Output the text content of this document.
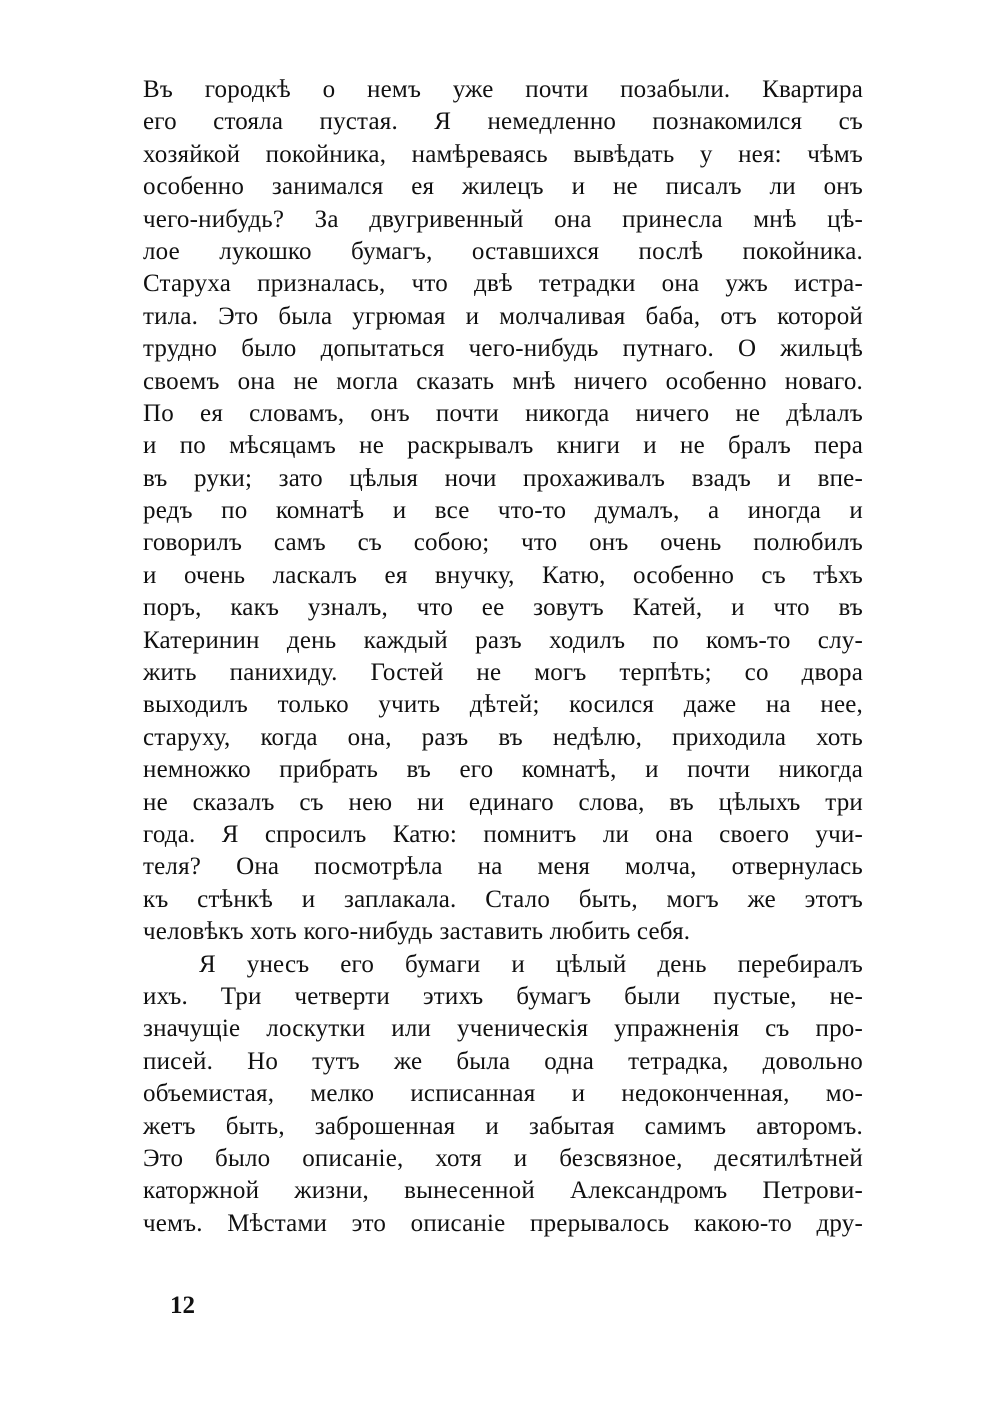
Въ городкѣ о немъ уже почти позабыли. Квартира
его стояла пустая. Я немедленно познакомился съ
хозяйкой покойника, намѣреваясь вывѣдать у нея: чѣмъ
особенно занимался ея жилецъ и не писалъ ли онъ
чего-нибудь? За двугривенный она принесла мнѣ цѣ-
лое лукошко бумагъ, оставшихся послѣ покойника.
Старуха призналась, что двѣ тетрадки она ужъ истра-
тила. Это была угрюмая и молчаливая баба, отъ которой
трудно было допытаться чего-нибудь путнаго. О жильцѣ
своемъ она не могла сказать мнѣ ничего особенно новаго.
По ея словамъ, онъ почти никогда ничего не дѣлалъ
и по мѣсяцамъ не раскрывалъ книги и не бралъ пера
въ руки; зато цѣлыя ночи прохаживалъ взадъ и впе-
редъ по комнатѣ и все что-то думалъ, а иногда и
говорилъ самъ съ собою; что онъ очень полюбилъ
и очень ласкалъ ея внучку, Катю, особенно съ тѣхъ
поръ, какъ узналъ, что ее зовутъ Катей, и что въ
Катеринин день каждый разъ ходилъ по комъ-то слу-
жить панихиду. Гостей не могъ терпѣть; со двора
выходилъ только учить дѣтей; косился даже на нее,
старуху, когда она, разъ въ недѣлю, приходила хоть
немножко прибрать въ его комнатѣ, и почти никогда
не сказалъ съ нею ни единаго слова, въ цѣлыхъ три
года. Я спросилъ Катю: помнитъ ли она своего учи-
теля? Она посмотрѣла на меня молча, отвернулась
къ стѣнкѣ и заплакала. Стало быть, могъ же этотъ
человѣкъ хоть кого-нибудь заставить любить себя.
Я унесъ его бумаги и цѣлый день перебиралъ
ихъ. Три четверти этихъ бумагъ были пустые, не-
значущіе лоскутки или ученическія упражненія съ про-
писей. Но тутъ же была одна тетрадка, довольно
объемистая, мелко исписанная и недоконченная, мо-
жетъ быть, заброшенная и забытая самимъ авторомъ.
Это было описаніе, хотя и безсвязное, десятилѣтней
каторжной жизни, вынесенной Александромъ Петрови-
чемъ. Мѣстами это описаніе прерывалось какою-то дру-
12
